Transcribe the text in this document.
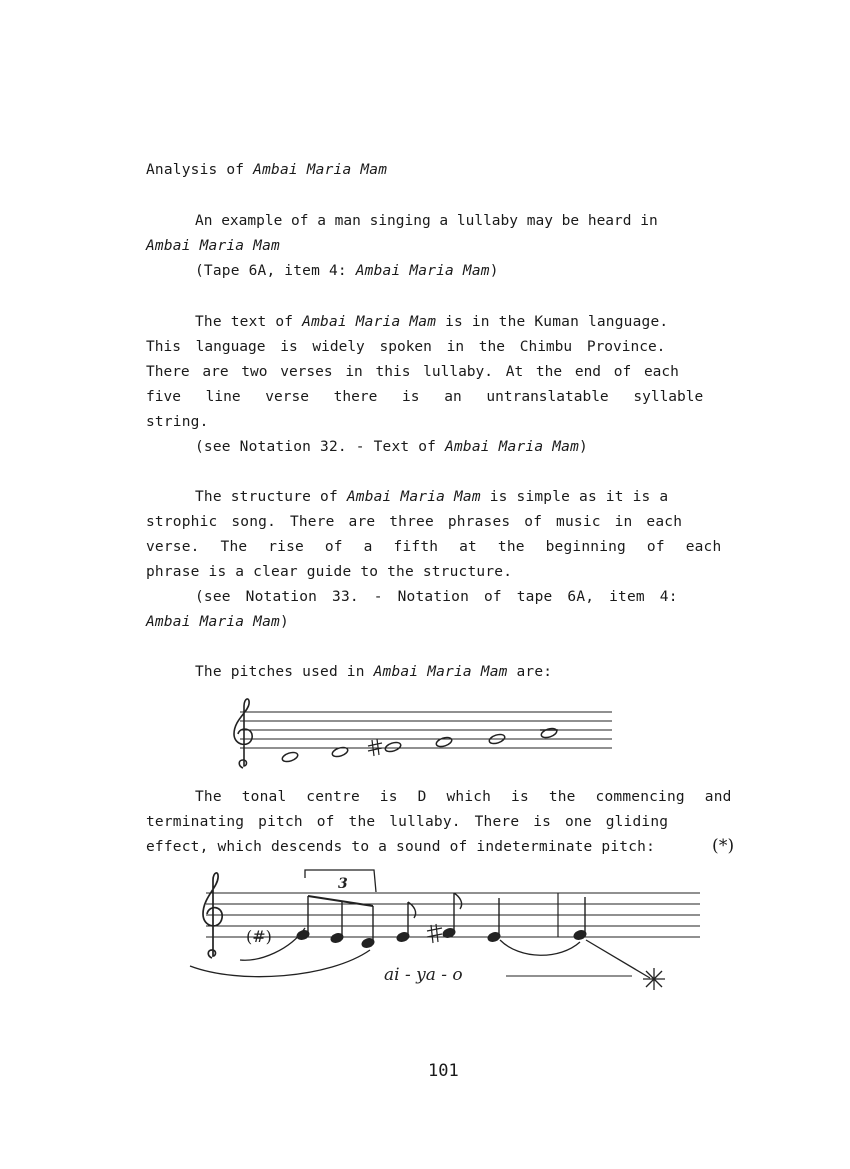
Analysis of Ambai Maria Mam
An example of a man singing a lullaby may be heard in
Ambai Maria Mam
(Tape 6A, item 4: Ambai Maria Mam)
The text of Ambai Maria Mam is in the Kuman language.
This language is widely spoken in the Chimbu Province.
There are two verses in this lullaby. At the end of each
five line verse there is an untranslatable syllable
string.
(see Notation 32. - Text of Ambai Maria Mam)
The structure of Ambai Maria Mam is simple as it is a
strophic song. There are three phrases of music in each
verse. The rise of a fifth at the beginning of each
phrase is a clear guide to the structure.
(see Notation 33. - Notation of tape 6A, item 4:
Ambai Maria Mam)
The pitches used in Ambai Maria Mam are:
The tonal centre is D which is the commencing and
terminating pitch of the lullaby. There is one gliding
effect, which descends to a sound of indeterminate pitch:	(*)
(#)
3
ai - ya - o
101
